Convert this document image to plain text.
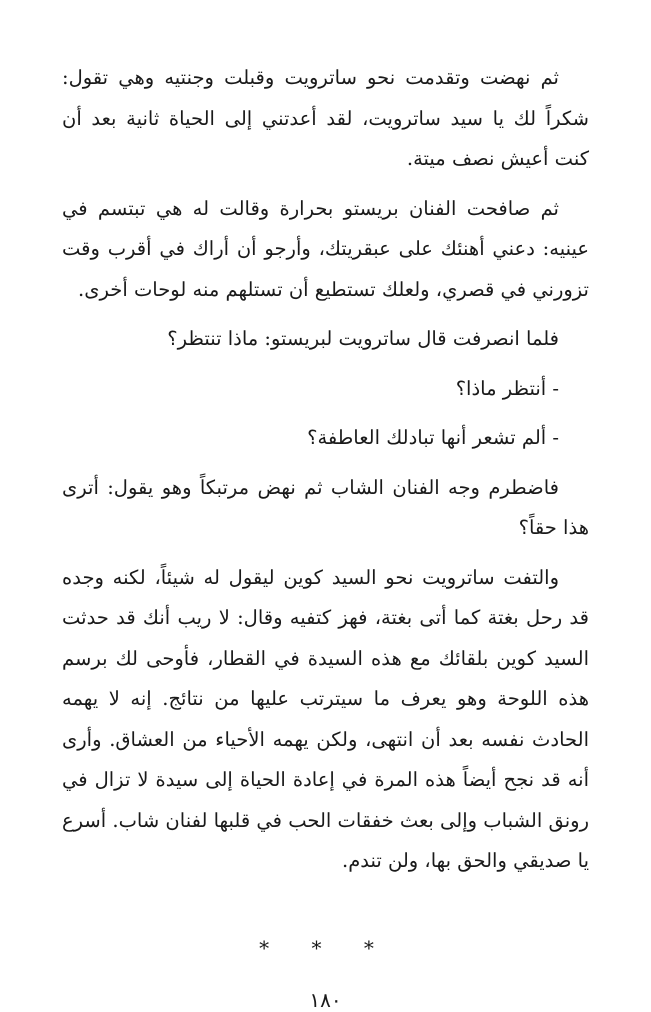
ثم نهضت وتقدمت نحو ساترويت وقبلت وجنتيه وهي تقول: شكراً لك يا سيد ساترويت، لقد أعدتني إلى الحياة ثانية بعد أن كنت أعيش نصف ميتة.

ثم صافحت الفنان بريستو بحرارة وقالت له هي تبتسم في عينيه: دعني أهنئك على عبقريتك، وأرجو أن أراك في أقرب وقت تزورني في قصري، ولعلك تستطيع أن تستلهم منه لوحات أخرى.

فلما انصرفت قال ساترويت لبريستو: ماذا تنتظر؟

- أنتظر ماذا؟

- ألم تشعر أنها تبادلك العاطفة؟

فاضطرم وجه الفنان الشاب ثم نهض مرتبكاً وهو يقول: أترى هذا حقاً؟

والتفت ساترويت نحو السيد كوين ليقول له شيئاً، لكنه وجده قد رحل بغتة كما أتى بغتة، فهز كتفيه وقال: لا ريب أنك قد حدثت السيد كوين بلقائك مع هذه السيدة في القطار، فأوحى لك برسم هذه اللوحة وهو يعرف ما سيترتب عليها من نتائج. إنه لا يهمه الحادث نفسه بعد أن انتهى، ولكن يهمه الأحياء من العشاق. وأرى أنه قد نجح أيضاً هذه المرة في إعادة الحياة إلى سيدة لا تزال في رونق الشباب وإلى بعث خفقات الحب في قلبها لفنان شاب. أسرع يا صديقي والحق بها، ولن تندم.

* * *
١٨٠
